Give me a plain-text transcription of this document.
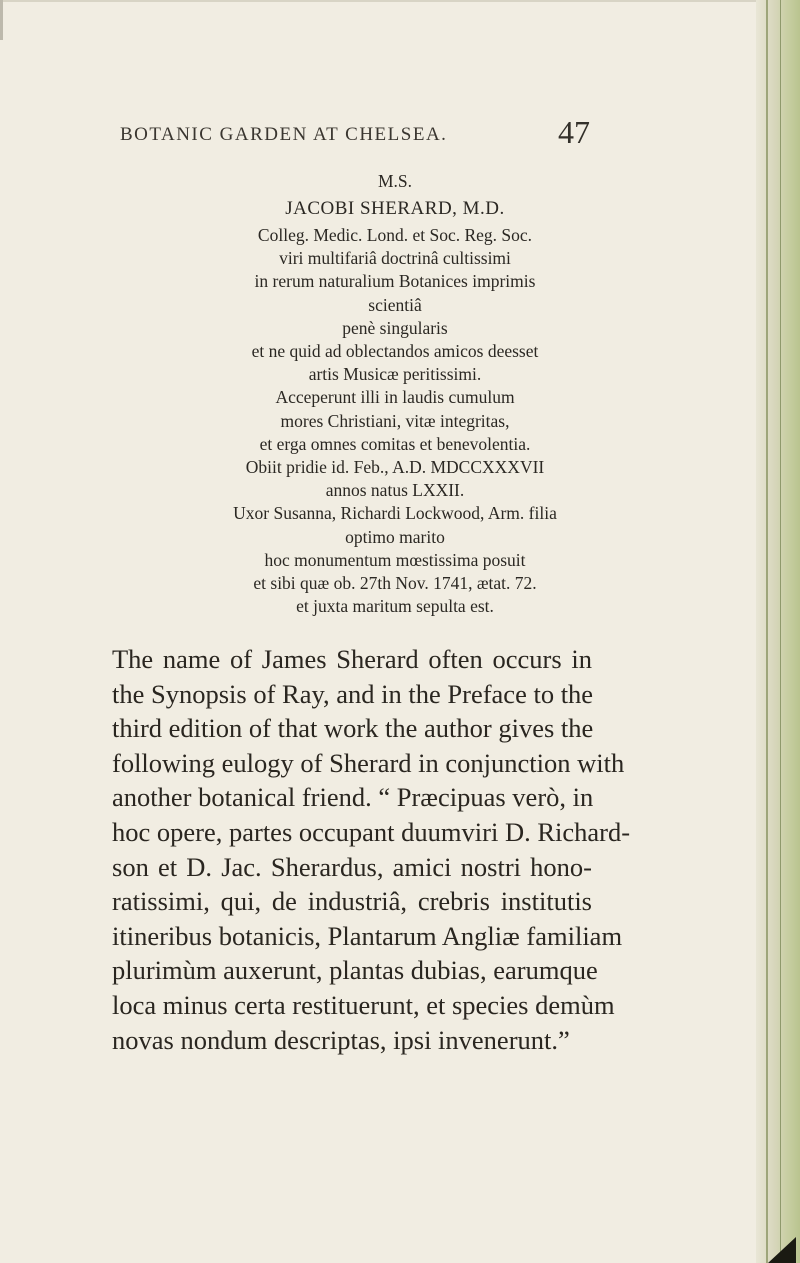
BOTANIC GARDEN AT CHELSEA.	47
M.S.
JACOBI SHERARD, M.D.
Colleg. Medic. Lond. et Soc. Reg. Soc.
viri multifariâ doctrinâ cultissimi
in rerum naturalium Botanices imprimis
scientiâ
penè singularis
et ne quid ad oblectandos amicos deesset
artis Musicæ peritissimi.
Acceperunt illi in laudis cumulum
mores Christiani, vitæ integritas,
et erga omnes comitas et benevolentia.
Obiit pridie id. Feb., A.D. MDCCXXXVII
annos natus LXXII.
Uxor Susanna, Richardi Lockwood, Arm. filia
optimo marito
hoc monumentum mœstissima posuit
et sibi quæ ob. 27th Nov. 1741, ætat. 72.
et juxta maritum sepulta est.
The name of James Sherard often occurs in
the Synopsis of Ray, and in the Preface to the
third edition of that work the author gives the
following eulogy of Sherard in conjunction with
another botanical friend. “ Præcipuas verò, in
hoc opere, partes occupant duumviri D. Richard-
son et D. Jac. Sherardus, amici nostri hono-
ratissimi, qui, de industriâ, crebris institutis
itineribus botanicis, Plantarum Angliæ familiam
plurimùm auxerunt, plantas dubias, earumque
loca minus certa restituerunt, et species demùm
novas nondum descriptas, ipsi invenerunt.”
